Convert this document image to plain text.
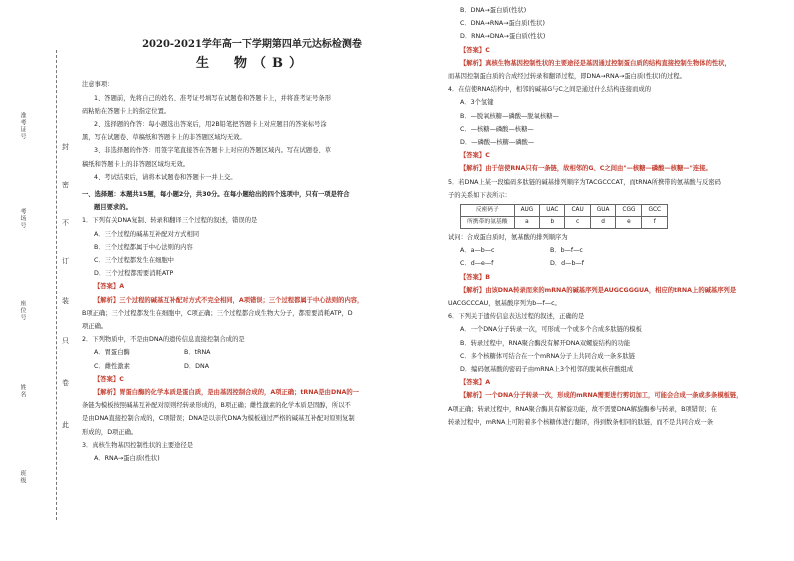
准考证号
考场号
座位号
姓名
班级
封
密
不
订
装
只
卷
此
2020-2021学年高一下学期第四单元达标检测卷
生　物（B）

注意事项：

1、答题前，先将自己的姓名、准考证号填写在试题卷和答题卡上，并将准考证号条形

码粘贴在答题卡上的指定位置。

2、选择题的作答：每小题选出答案后，用2B铅笔把答题卡上对应题目的答案标号涂

黑，写在试题卷、草稿纸和答题卡上的非答题区域均无效。

3、非选择题的作答：用签字笔直接答在答题卡上对应的答题区域内。写在试题卷、草

稿纸和答题卡上的非答题区域均无效。

4、考试结束后，请将本试题卷和答题卡一并上交。

一、选择题：本题共15题，每小题2分，共30分。在每小题给出的四个选项中，只有一项是符合

题目要求的。

1．下列有关DNA复制、转录和翻译三个过程的叙述，错误的是

A．三个过程的碱基互补配对方式相同

B．三个过程都属于中心法则的内容

C．三个过程都发生在细胞中

D．三个过程都需要消耗ATP

【答案】A

【解析】三个过程的碱基互补配对方式不完全相同，A项错误；三个过程都属于中心法则的内容，

B项正确；三个过程都发生在细胞中，C项正确；三个过程都合成生物大分子，都需要消耗ATP，D

项正确。

2．下列物质中，不是由DNA的遗传信息直接控制合成的是

A．胃蛋白酶	B．tRNA
C．雌性激素	D．DNA

【答案】C

【解析】胃蛋白酶的化学本质是蛋白质，是由基因控制合成的，A项正确；tRNA是由DNA的一

条链为模板按照碱基互补配对原则经转录形成的，B项正确；雌性激素的化学本质是固醇，所以不

是由DNA直接控制合成的，C项错误；DNA是以亲代DNA为模板通过严格的碱基互补配对原则复制

形成的，D项正确。

3．真核生物基因控制性状的主要途径是

A．RNA→蛋白质(性状)

B．DNA→蛋白质(性状)

C．DNA→RNA→蛋白质(性状)

D．RNA→DNA→蛋白质(性状)

【答案】C

【解析】真核生物基因控制性状的主要途径是基因通过控制蛋白质的结构直接控制生物体的性状，

而基因控制蛋白质的合成经过转录和翻译过程，即DNA→RNA→蛋白质(性状)的过程。

4．在信使RNA结构中，相邻的碱基G与C之间是通过什么结构连接而成的

A．3个氢键

B．—脱氧核糖—磷酸—脱氧核糖—

C．—核糖—磷酸—核糖—

D．—磷酸—核糖—磷酸—

【答案】C

【解析】由于信使RNA只有一条链，故相邻的G、C之间由"—核糖—磷酸—核糖—"连接。

5．若DNA上某一段编码多肽链的碱基排列顺序为TACGCCCAT，而tRNA所携带的氨基酸与反密码

子的关系如下表所示：

反密码子	AUG	UAC	CAU	GUA	CGG	GCC
所携带的氨基酸	a	b	c	d	e	f

试问：合成蛋白质时，氨基酸的排列顺序为

A．a—b—c	B．b—f—c
C．d—e—f	D．d—b—f

【答案】B

【解析】由该DNA转录而来的mRNA的碱基序列是AUGCGGGUA，相应的tRNA上的碱基序列是

UACGCCCAU，氨基酸序列为b—f—c。

6．下列关于遗传信息表达过程的叙述，正确的是

A．一个DNA分子转录一次，可形成一个或多个合成多肽链的模板

B．转录过程中，RNA聚合酶没有解开DNA双螺旋结构的功能

C．多个核糖体可结合在一个mRNA分子上共同合成一条多肽链

D．编码氨基酸的密码子由mRNA上3个相邻的脱氧核苷酸组成

【答案】A

【解析】一个DNA分子转录一次，形成的mRNA需要进行剪切加工，可能会合成一条或多条模板链，

A项正确；转录过程中，RNA聚合酶具有解旋功能，故不需要DNA解旋酶参与转录，B项错误；在

转录过程中，mRNA上可附着多个核糖体进行翻译，得到数条相同的肽链，而不是共同合成一条
